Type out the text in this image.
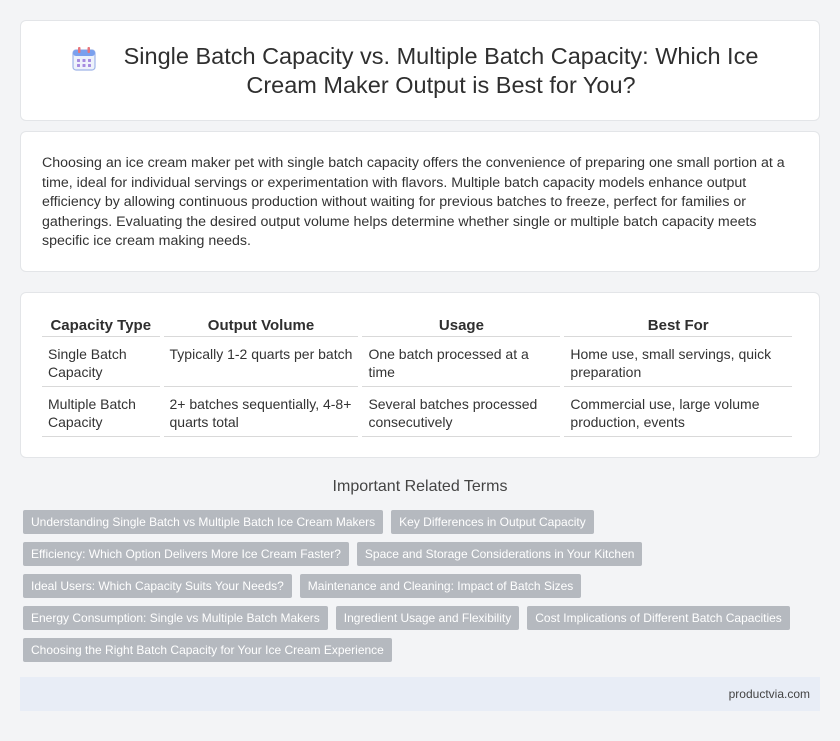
Single Batch Capacity vs. Multiple Batch Capacity: Which Ice Cream Maker Output is Best for You?

Choosing an ice cream maker pet with single batch capacity offers the convenience of preparing one small portion at a time, ideal for individual servings or experimentation with flavors. Multiple batch capacity models enhance output efficiency by allowing continuous production without waiting for previous batches to freeze, perfect for families or gatherings. Evaluating the desired output volume helps determine whether single or multiple batch capacity meets specific ice cream making needs.

Capacity Type	Output Volume	Usage	Best For
Single Batch Capacity	Typically 1-2 quarts per batch	One batch processed at a time	Home use, small servings, quick preparation
Multiple Batch Capacity	2+ batches sequentially, 4-8+ quarts total	Several batches processed consecutively	Commercial use, large volume production, events
Important Related Terms
Understanding Single Batch vs Multiple Batch Ice Cream Makers	Key Differences in Output Capacity
Efficiency: Which Option Delivers More Ice Cream Faster?	Space and Storage Considerations in Your Kitchen
Ideal Users: Which Capacity Suits Your Needs?	Maintenance and Cleaning: Impact of Batch Sizes
Energy Consumption: Single vs Multiple Batch Makers	Ingredient Usage and Flexibility	Cost Implications of Different Batch Capacities
Choosing the Right Batch Capacity for Your Ice Cream Experience
productvia.com
